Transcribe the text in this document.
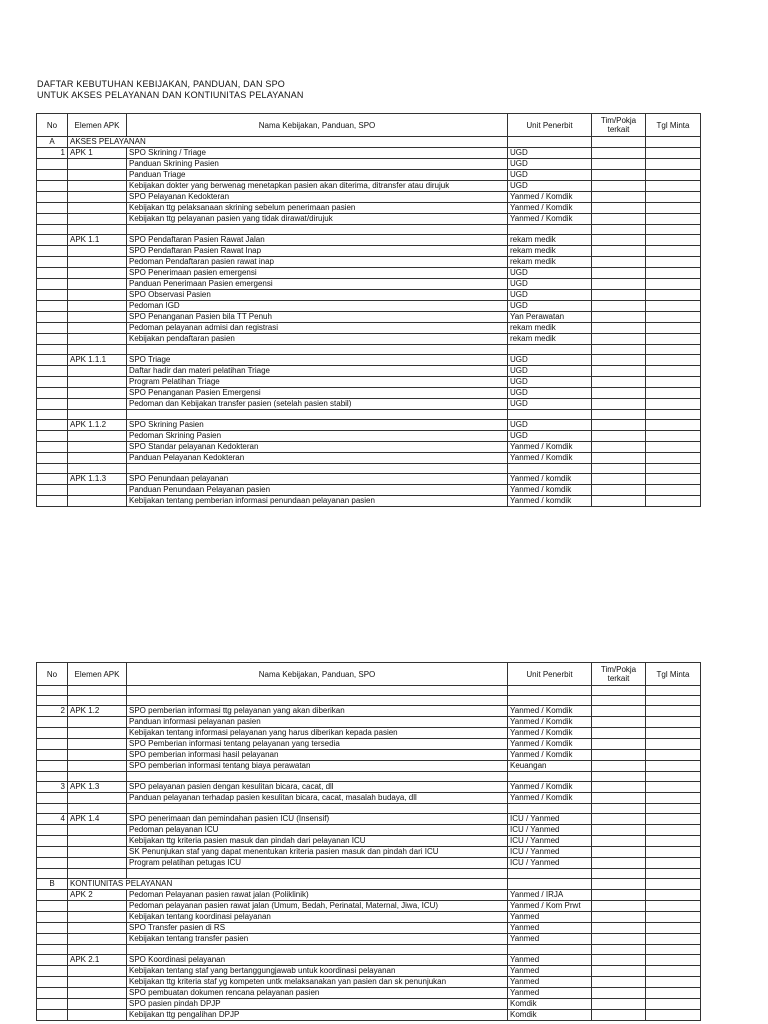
DAFTAR KEBUTUHAN KEBIJAKAN, PANDUAN, DAN SPO
UNTUK AKSES PELAYANAN DAN KONTIUNITAS PELAYANAN
No	Elemen APK	Nama Kebijakan, Panduan, SPO	Unit Penerbit	Tim/Pokja terkait	Tgl Minta
A	AKSES PELAYANAN				
1	APK 1	SPO Skrining / Triage	UGD		
		Panduan Skrining Pasien	UGD		
		Panduan Triage	UGD		
		Kebijakan dokter yang berwenag menetapkan pasien akan diterima, ditransfer atau dirujuk	UGD		
		SPO Pelayanan Kedokteran	Yanmed / Komdik		
		Kebijakan ttg pelaksanaan skrining sebelum penerimaan pasien	Yanmed / Komdik		
		Kebijakan ttg pelayanan pasien yang tidak dirawat/dirujuk	Yanmed / Komdik		

	APK 1.1	SPO Pendaftaran Pasien Rawat Jalan	rekam medik		
		SPO Pendaftaran Pasien Rawat Inap	rekam medik		
		Pedoman Pendaftaran pasien rawat inap	rekam medik		
		SPO Penerimaan pasien emergensi	UGD		
		Panduan Penerimaan Pasien emergensi	UGD		
		SPO Observasi Pasien	UGD		
		Pedoman IGD	UGD		
		SPO Penanganan Pasien bila TT Penuh	Yan Perawatan		
		Pedoman pelayanan admisi dan registrasi	rekam medik		
		Kebijakan pendaftaran pasien	rekam medik		

	APK 1.1.1	SPO Triage	UGD		
		Daftar hadir dan materi pelatihan Triage	UGD		
		Program Pelatihan Triage	UGD		
		SPO Penanganan Pasien Emergensi	UGD		
		Pedoman dan Kebijakan transfer pasien (setelah pasien stabil)	UGD		

	APK 1.1.2	SPO Skrining Pasien	UGD		
		Pedoman Skrining Pasien	UGD		
		SPO Standar pelayanan Kedokteran	Yanmed / Komdik		
		Panduan Pelayanan Kedokteran	Yanmed / Komdik		

	APK 1.1.3	SPO Penundaan pelayanan	Yanmed / komdik		
		Panduan Penundaan Pelayanan pasien	Yanmed / komdik		
		Kebijakan tentang pemberian informasi penundaan pelayanan pasien	Yanmed / komdik		
No	Elemen APK	Nama Kebijakan, Panduan, SPO	Unit Penerbit	Tim/Pokja terkait	Tgl Minta

2	APK 1.2	SPO pemberian informasi ttg pelayanan yang akan diberikan	Yanmed / Komdik		
		Panduan informasi pelayanan pasien	Yanmed / Komdik		
		Kebijakan tentang informasi pelayanan yang harus diberikan kepada pasien	Yanmed / Komdik		
		SPO Pemberian informasi tentang pelayanan yang tersedia	Yanmed / Komdik		
		SPO pemberian informasi hasil pelayanan	Yanmed / Komdik		
		SPO pemberian informasi tentang biaya perawatan	Keuangan		

3	APK 1.3	SPO pelayanan pasien dengan kesulitan bicara, cacat, dll	Yanmed / Komdik		
		Panduan pelayanan terhadap pasien kesulitan bicara, cacat, masalah budaya, dll	Yanmed / Komdik		

4	APK 1.4	SPO penerimaan dan pemindahan pasien ICU (Insensif)	ICU / Yanmed		
		Pedoman pelayanan ICU	ICU / Yanmed		
		Kebijakan ttg kriteria pasien masuk dan pindah dari pelayanan ICU	ICU / Yanmed		
		SK Penunjukan staf yang dapat menentukan kriteria pasien masuk dan pindah dari ICU	ICU / Yanmed		
		Program pelatihan petugas ICU	ICU / Yanmed		

B	KONTIUNITAS PELAYANAN				
	APK 2	Pedoman Pelayanan pasien rawat jalan (Poliklinik)	Yanmed / IRJA		
		Pedoman pelayanan pasien rawat jalan (Umum, Bedah, Perinatal, Maternal, Jiwa, ICU)	Yanmed / Kom Prwt		
		Kebijakan tentang koordinasi pelayanan	Yanmed		
		SPO Transfer pasien di RS	Yanmed		
		Kebijakan tentang transfer pasien	Yanmed		

	APK 2.1	SPO Koordinasi pelayanan	Yanmed		
		Kebijakan tentang staf yang bertanggungjawab untuk koordinasi pelayanan	Yanmed		
		Kebijakan ttg kriteria staf yg kompeten untk melaksanakan yan pasien dan sk penunjukan	Yanmed		
		SPO pembuatan dokumen rencana pelayanan pasien	Yanmed		
		SPO pasien pindah DPJP	Komdik		
		Kebijakan ttg pengalihan DPJP	Komdik		
